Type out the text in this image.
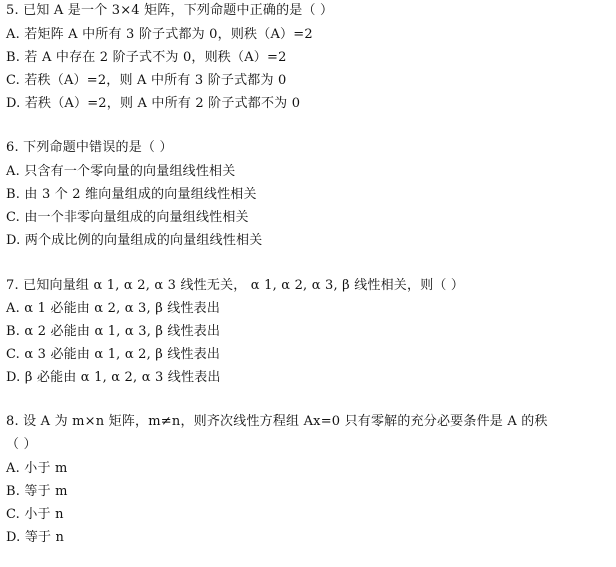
5. 已知 A 是一个 3×4 矩阵，下列命题中正确的是（ ）
A. 若矩阵 A 中所有 3 阶子式都为 0，则秩（A）=2
B. 若 A 中存在 2 阶子式不为 0，则秩（A）=2
C. 若秩（A）=2，则 A 中所有 3 阶子式都为 0
D. 若秩（A）=2，则 A 中所有 2 阶子式都不为 0
6. 下列命题中错误的是（ ）
A. 只含有一个零向量的向量组线性相关
B. 由 3 个 2 维向量组成的向量组线性相关
C. 由一个非零向量组成的向量组线性相关
D. 两个成比例的向量组成的向量组线性相关
7. 已知向量组 α 1, α 2, α 3 线性无关， α 1, α 2, α 3, β 线性相关，则（ ）
A. α 1 必能由 α 2, α 3, β 线性表出
B. α 2 必能由 α 1, α 3, β 线性表出
C. α 3 必能由 α 1, α 2, β 线性表出
D. β 必能由 α 1, α 2, α 3 线性表出
8. 设 A 为 m×n 矩阵，m≠n，则齐次线性方程组 Ax=0 只有零解的充分必要条件是 A 的秩
（ ）
A. 小于 m
B. 等于 m
C. 小于 n
D. 等于 n
